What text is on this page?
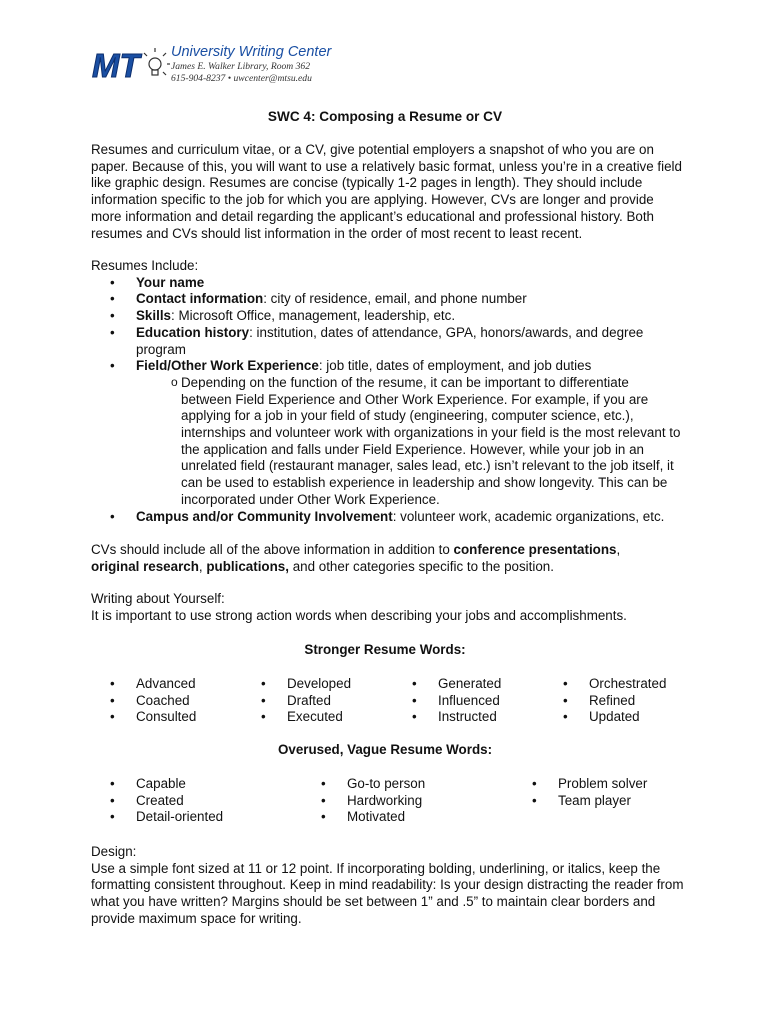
MT University Writing Center
James E. Walker Library, Room 362
615-904-8237 • uwcenter@mtsu.edu
SWC 4: Composing a Resume or CV

Resumes and curriculum vitae, or a CV, give potential employers a snapshot of who you are on paper. Because of this, you will want to use a relatively basic format, unless you’re in a creative field like graphic design. Resumes are concise (typically 1-2 pages in length). They should include information specific to the job for which you are applying. However, CVs are longer and provide more information and detail regarding the applicant’s educational and professional history. Both resumes and CVs should list information in the order of most recent to least recent.

Resumes Include:

• Your name
• Contact information: city of residence, email, and phone number
• Skills: Microsoft Office, management, leadership, etc.
• Education history: institution, dates of attendance, GPA, honors/awards, and degree program
• Field/Other Work Experience: job title, dates of employment, and job duties
o Depending on the function of the resume, it can be important to differentiate between Field Experience and Other Work Experience. For example, if you are applying for a job in your field of study (engineering, computer science, etc.), internships and volunteer work with organizations in your field is the most relevant to the application and falls under Field Experience. However, while your job in an unrelated field (restaurant manager, sales lead, etc.) isn’t relevant to the job itself, it can be used to establish experience in leadership and show longevity. This can be incorporated under Other Work Experience.
• Campus and/or Community Involvement: volunteer work, academic organizations, etc.

CVs should include all of the above information in addition to conference presentations,
original research, publications, and other categories specific to the position.

Writing about Yourself:

It is important to use strong action words when describing your jobs and accomplishments.

Stronger Resume Words:
• Advanced
• Coached
• Consulted
• Developed
• Drafted
• Executed
• Generated
• Influenced
• Instructed
• Orchestrated
• Refined
• Updated
Overused, Vague Resume Words:
• Capable
• Created
• Detail-oriented
• Go-to person
• Hardworking
• Motivated
• Problem solver
• Team player

Design:

Use a simple font sized at 11 or 12 point. If incorporating bolding, underlining, or italics, keep the formatting consistent throughout. Keep in mind readability: Is your design distracting the reader from what you have written? Margins should be set between 1” and .5” to maintain clear borders and provide maximum space for writing.
